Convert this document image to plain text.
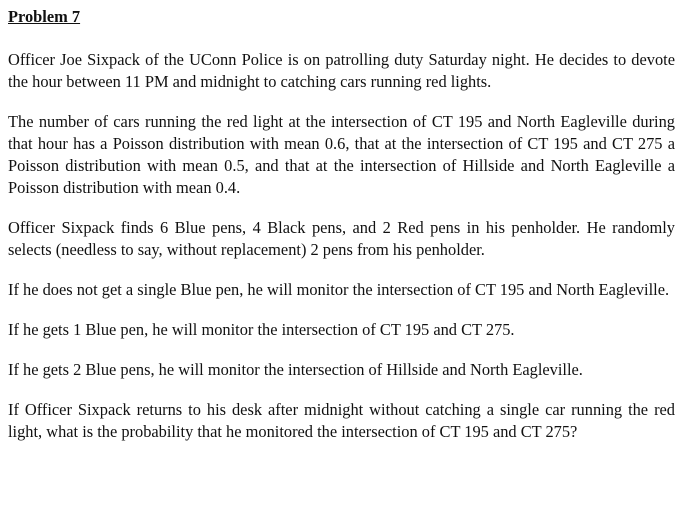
Problem 7

Officer Joe Sixpack of the UConn Police is on patrolling duty Saturday night. He decides to devote the hour between 11 PM and midnight to catching cars running red lights.

The number of cars running the red light at the intersection of CT 195 and North Eagleville during that hour has a Poisson distribution with mean 0.6, that at the intersection of CT 195 and CT 275 a Poisson distribution with mean 0.5, and that at the intersection of Hillside and North Eagleville a Poisson distribution with mean 0.4.

Officer Sixpack finds 6 Blue pens, 4 Black pens, and 2 Red pens in his penholder. He randomly selects (needless to say, without replacement) 2 pens from his penholder.

If he does not get a single Blue pen, he will monitor the intersection of CT 195 and North Eagleville.

If he gets 1 Blue pen, he will monitor the intersection of CT 195 and CT 275.

If he gets 2 Blue pens, he will monitor the intersection of Hillside and North Eagleville.

If Officer Sixpack returns to his desk after midnight without catching a single car running the red light, what is the probability that he monitored the intersection of CT 195 and CT 275?
